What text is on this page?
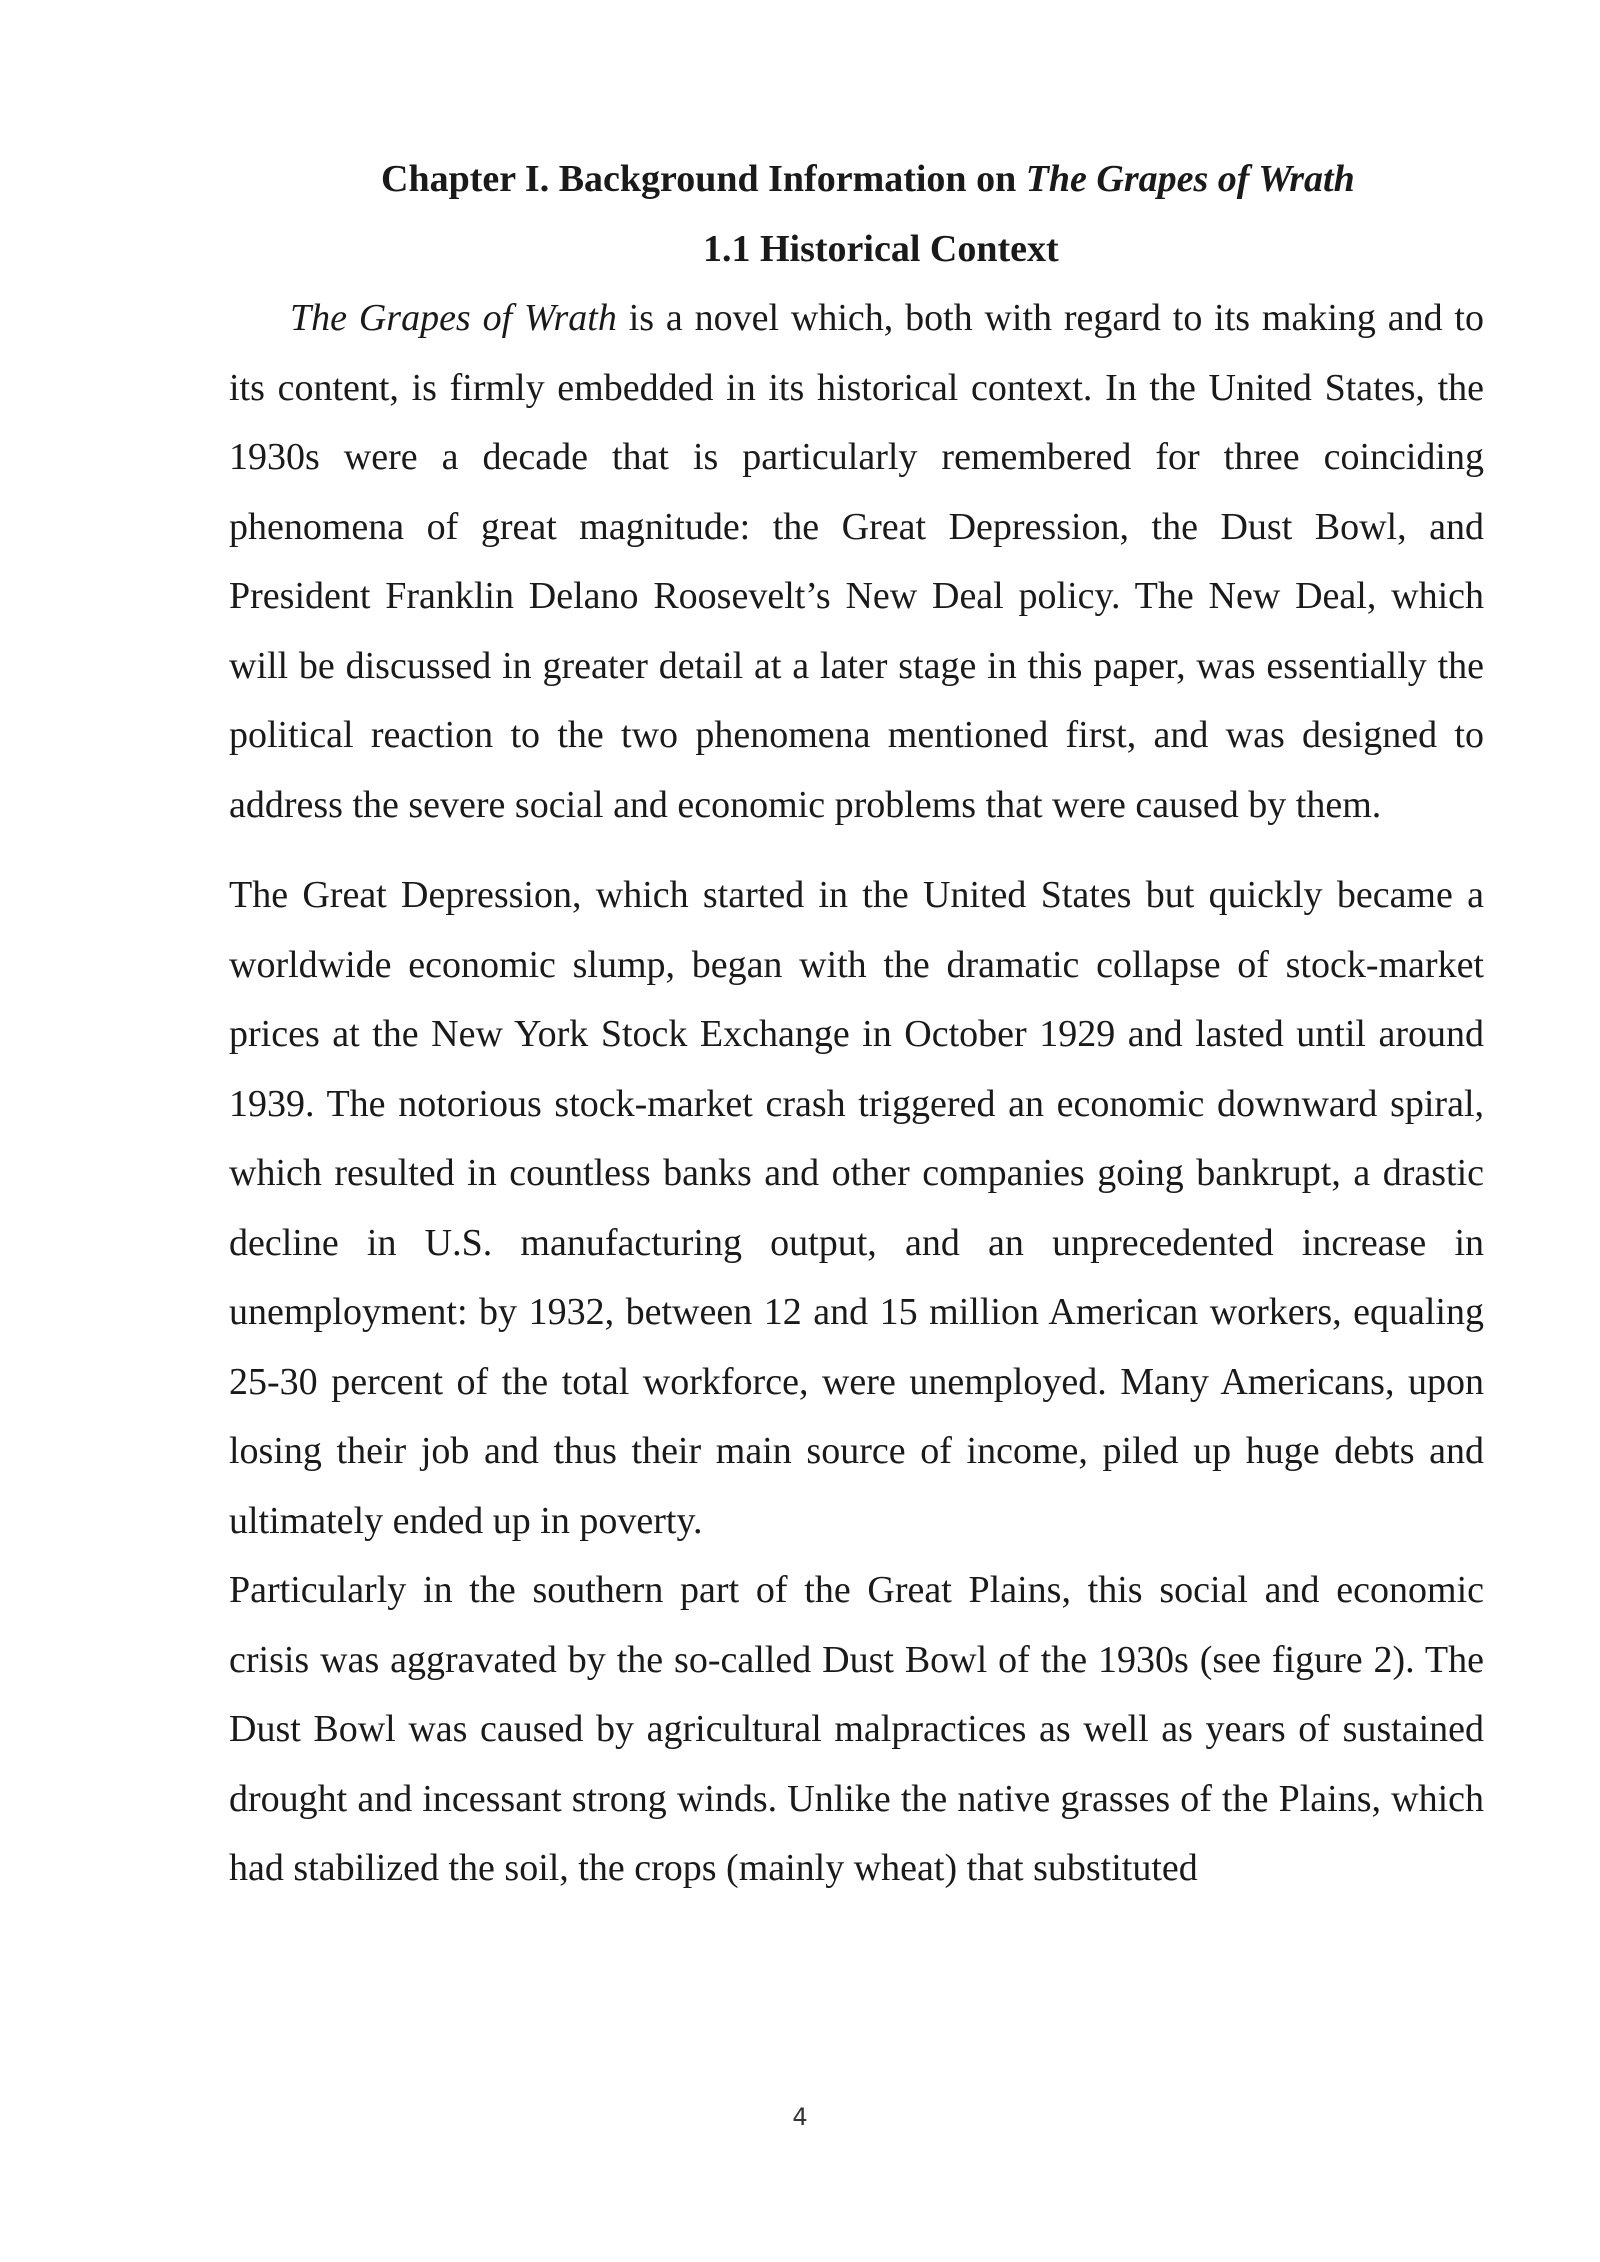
Chapter I. Background Information on The Grapes of Wrath
1.1 Historical Context

The Grapes of Wrath is a novel which, both with regard to its making and to its content, is firmly embedded in its historical context. In the United States, the 1930s were a decade that is particularly remembered for three coinciding phenomena of great magnitude: the Great Depression, the Dust Bowl, and President Franklin Delano Roosevelt’s New Deal policy. The New Deal, which will be discussed in greater detail at a later stage in this paper, was essentially the political reaction to the two phenomena mentioned first, and was designed to address the severe social and economic problems that were caused by them.

The Great Depression, which started in the United States but quickly became a worldwide economic slump, began with the dramatic collapse of stock-market prices at the New York Stock Exchange in October 1929 and lasted until around 1939. The notorious stock-market crash triggered an economic downward spiral, which resulted in countless banks and other companies going bankrupt, a drastic decline in U.S. manufacturing output, and an unprecedented increase in unemployment: by 1932, between 12 and 15 million American workers, equaling 25-30 percent of the total workforce, were unemployed. Many Americans, upon losing their job and thus their main source of income, piled up huge debts and ultimately ended up in poverty.

Particularly in the southern part of the Great Plains, this social and economic crisis was aggravated by the so-called Dust Bowl of the 1930s (see figure 2). The Dust Bowl was caused by agricultural malpractices as well as years of sustained drought and incessant strong winds. Unlike the native grasses of the Plains, which had stabilized the soil, the crops (mainly wheat) that substituted

4
